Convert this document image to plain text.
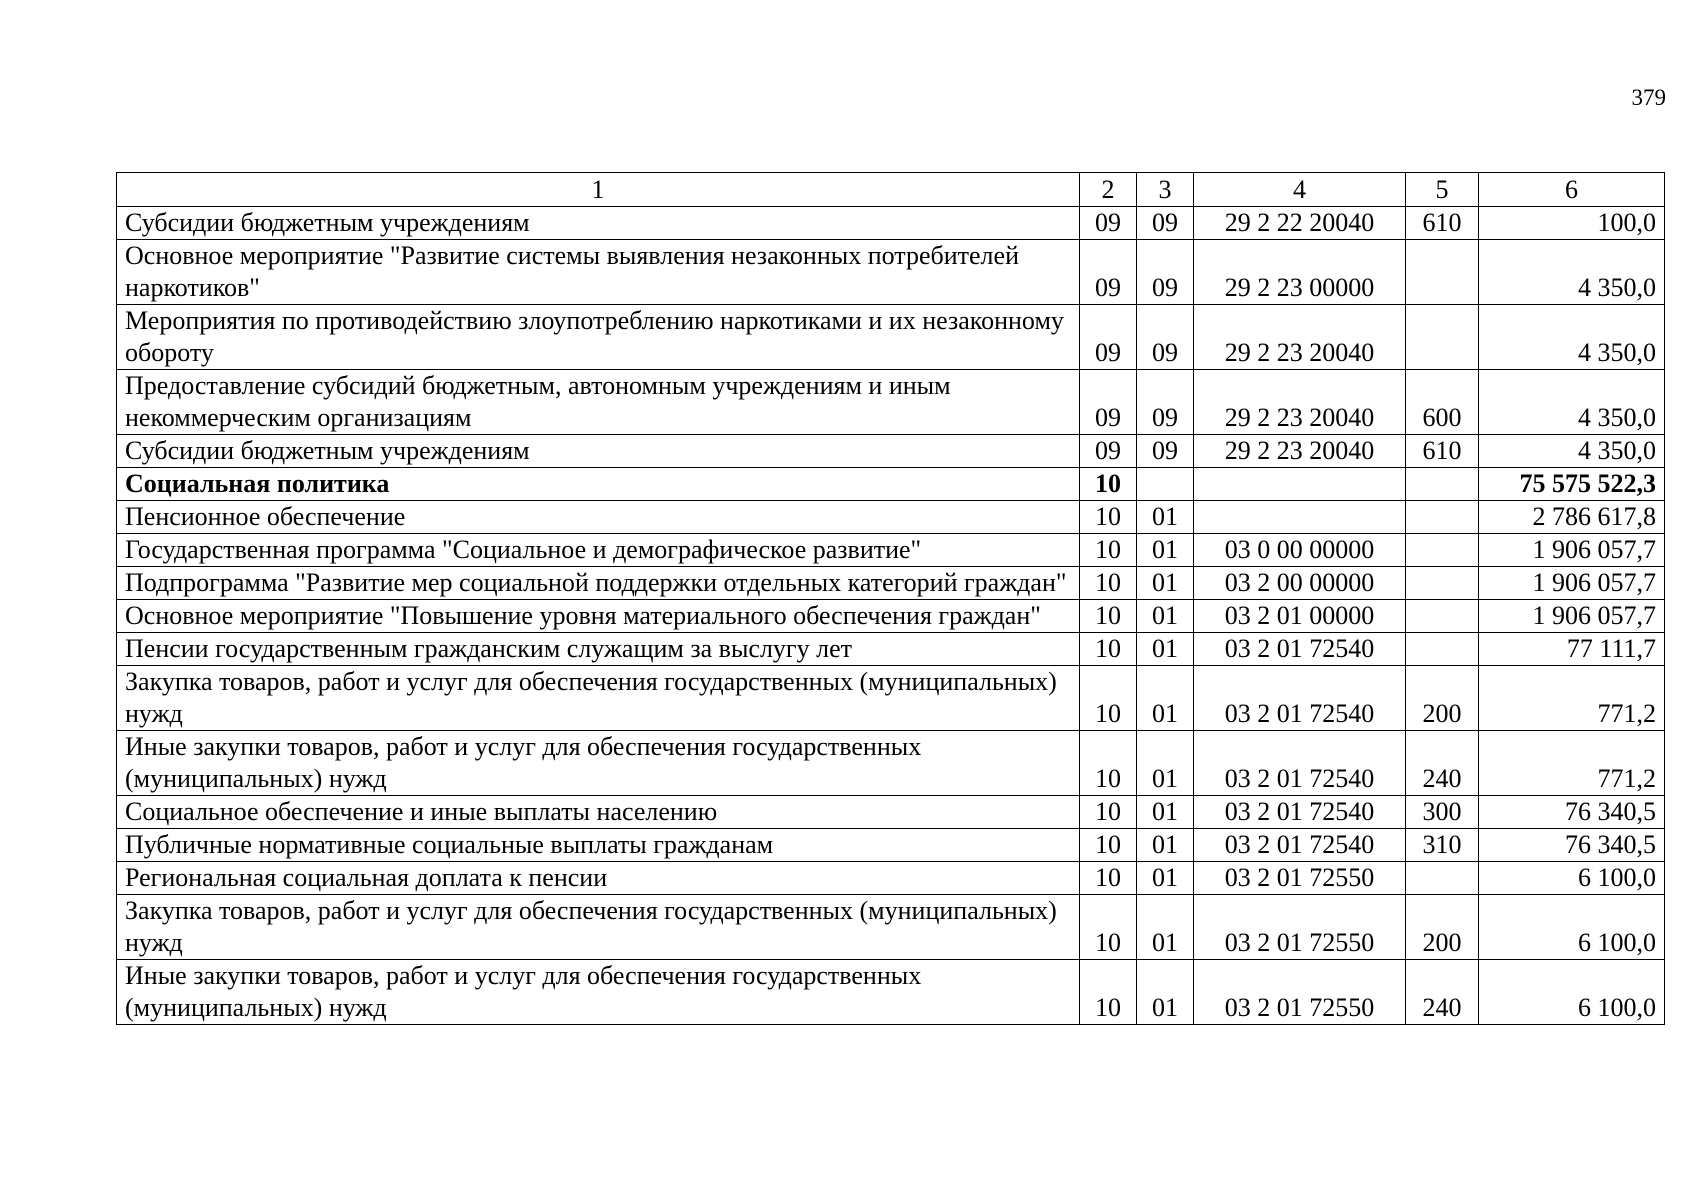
379
1	2	3	4	5	6
Субсидии бюджетным учреждениям	09	09	29 2 22 20040	610	100,0
Основное мероприятие "Развитие системы выявления незаконных потребителей наркотиков"	09	09	29 2 23 00000		4 350,0
Мероприятия по противодействию злоупотреблению наркотиками и их незаконному обороту	09	09	29 2 23 20040		4 350,0
Предоставление субсидий бюджетным, автономным учреждениям и иным некоммерческим организациям	09	09	29 2 23 20040	600	4 350,0
Субсидии бюджетным учреждениям	09	09	29 2 23 20040	610	4 350,0
Социальная политика	10				75 575 522,3
Пенсионное обеспечение	10	01			2 786 617,8
Государственная программа "Социальное и демографическое развитие"	10	01	03 0 00 00000		1 906 057,7
Подпрограмма "Развитие мер социальной поддержки отдельных категорий граждан"	10	01	03 2 00 00000		1 906 057,7
Основное мероприятие "Повышение уровня материального обеспечения граждан"	10	01	03 2 01 00000		1 906 057,7
Пенсии государственным гражданским служащим за выслугу лет	10	01	03 2 01 72540		77 111,7
Закупка товаров, работ и услуг для обеспечения государственных (муниципальных) нужд	10	01	03 2 01 72540	200	771,2
Иные закупки товаров, работ и услуг для обеспечения государственных (муниципальных) нужд	10	01	03 2 01 72540	240	771,2
Социальное обеспечение и иные выплаты населению	10	01	03 2 01 72540	300	76 340,5
Публичные нормативные социальные выплаты гражданам	10	01	03 2 01 72540	310	76 340,5
Региональная социальная доплата к пенсии	10	01	03 2 01 72550		6 100,0
Закупка товаров, работ и услуг для обеспечения государственных (муниципальных) нужд	10	01	03 2 01 72550	200	6 100,0
Иные закупки товаров, работ и услуг для обеспечения государственных (муниципальных) нужд	10	01	03 2 01 72550	240	6 100,0
